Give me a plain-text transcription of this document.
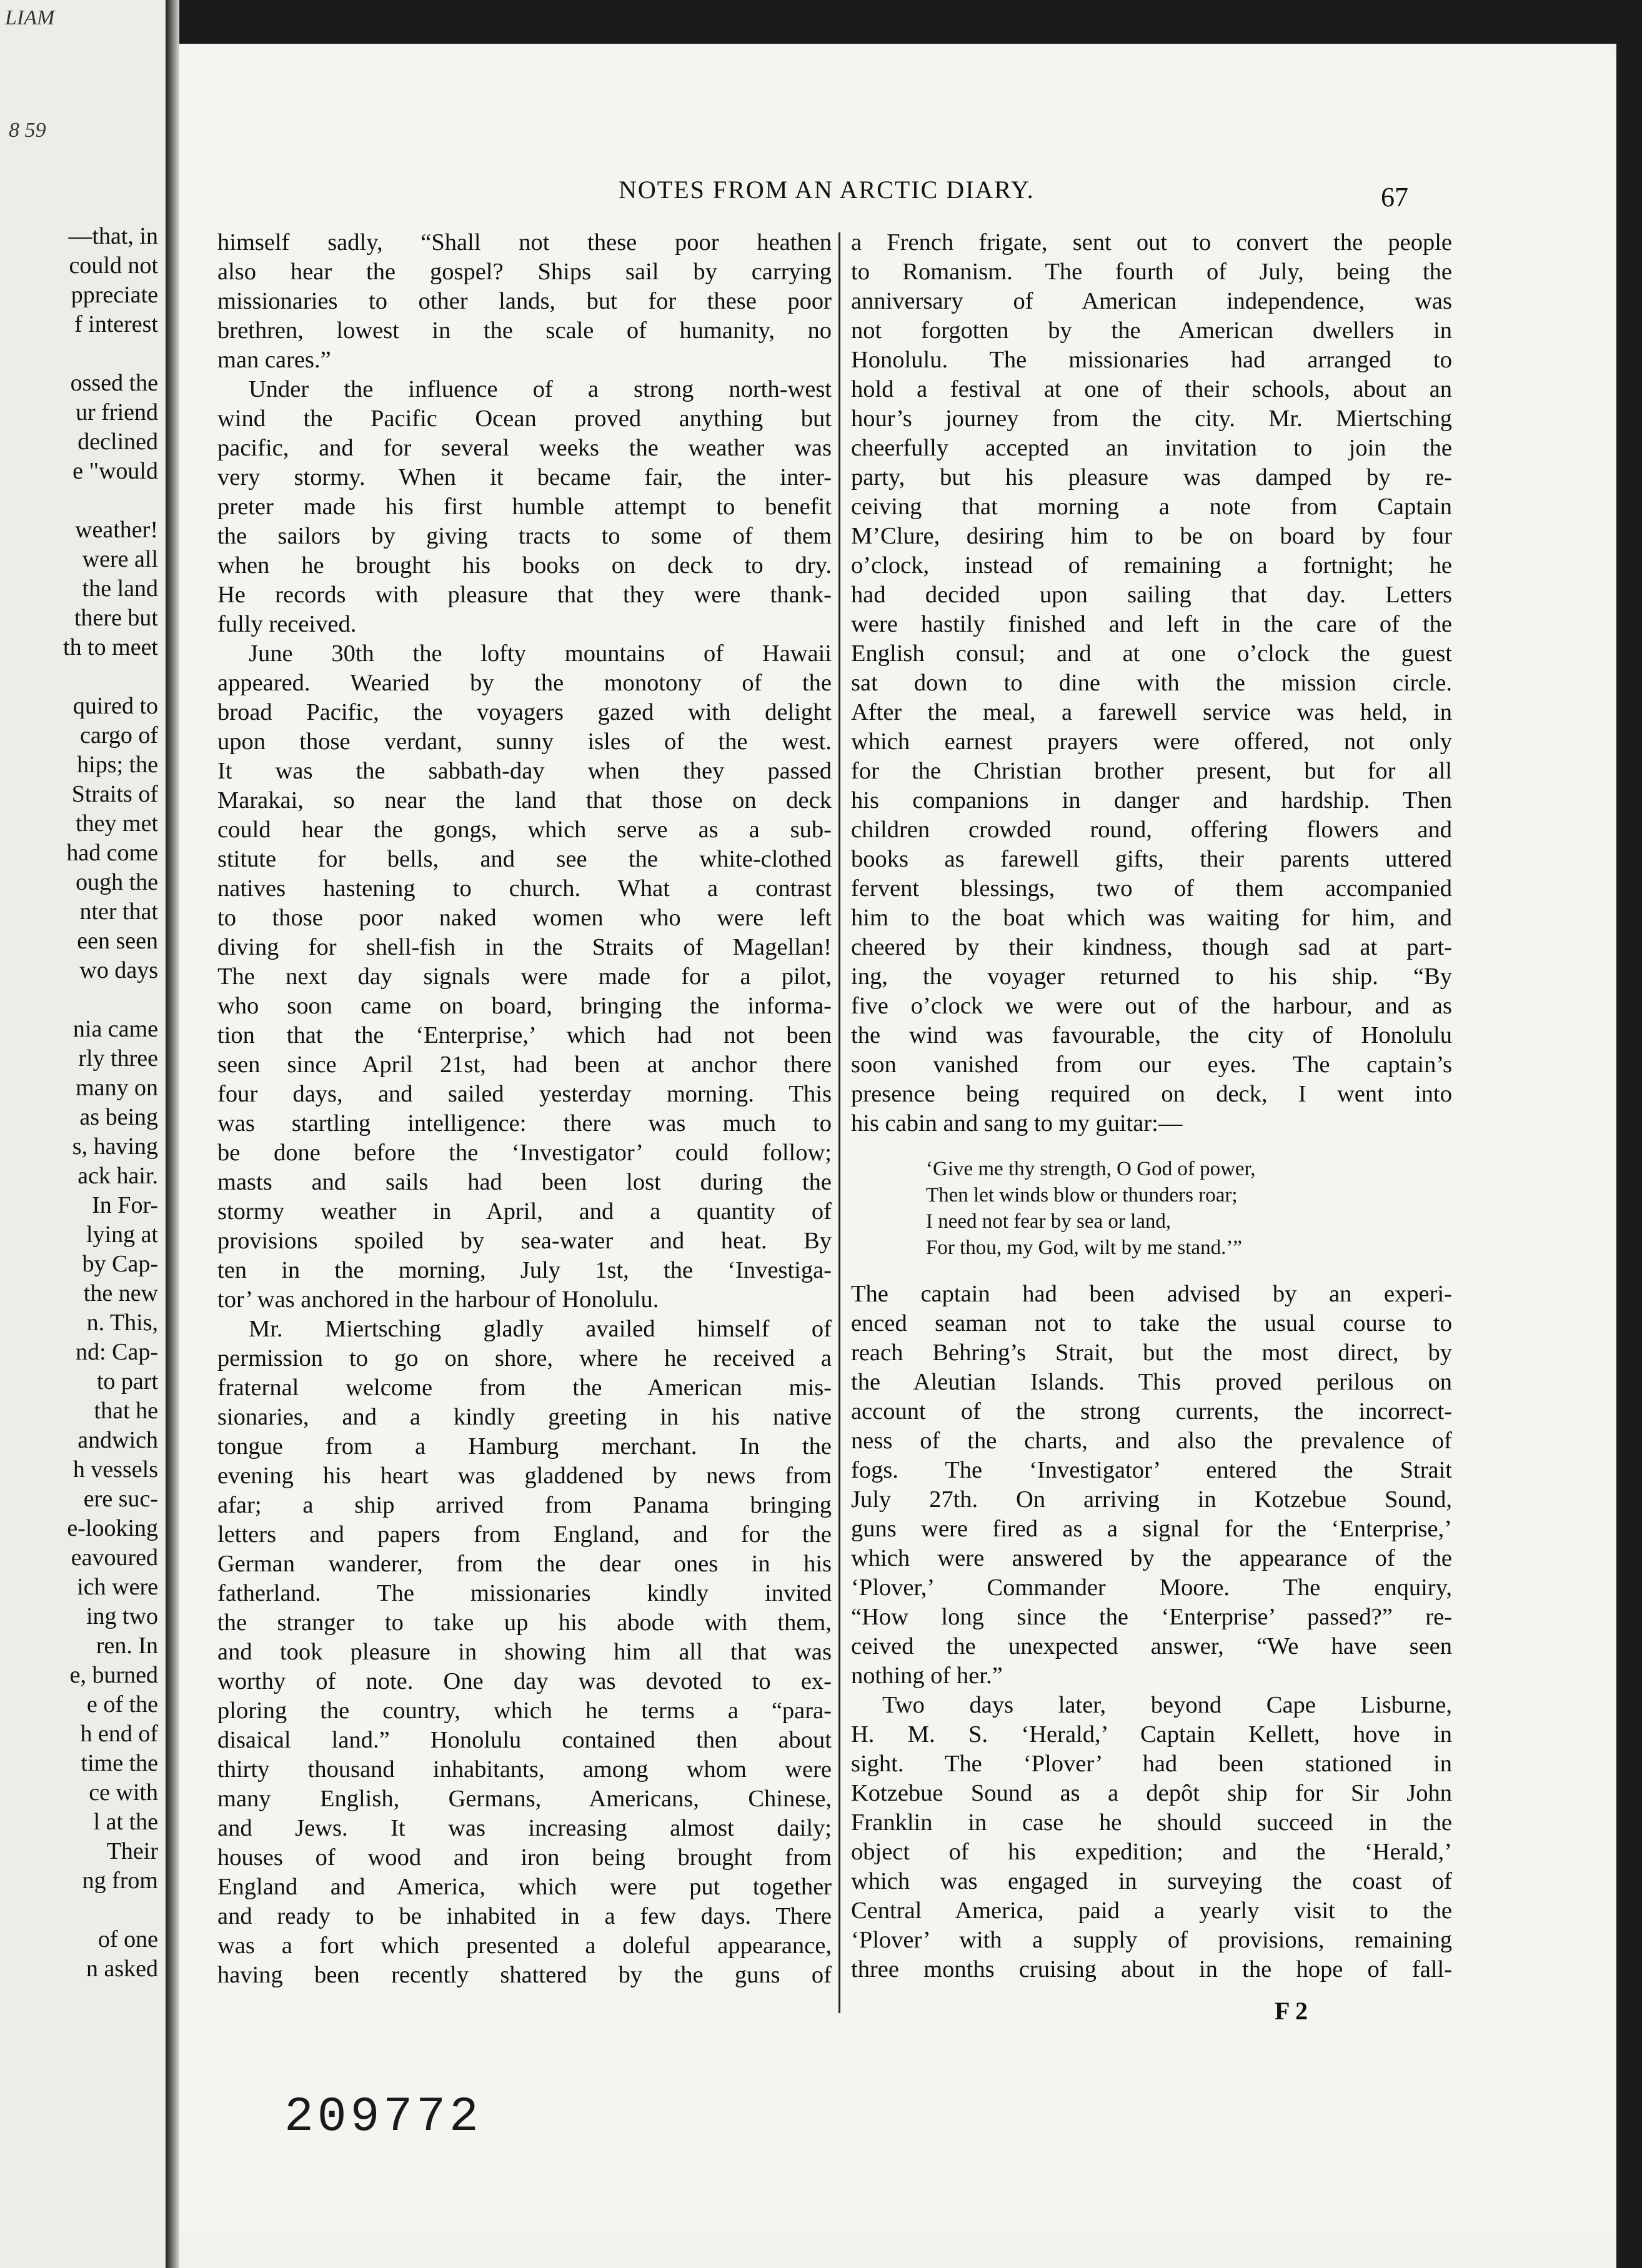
LIAM
8 59
—that, in
could not
ppreciate
f interest
ossed the
ur friend
declined
e "would
weather!
were all
the land
there but
th to meet
quired to
cargo of
hips; the
Straits of
they met
had come
ough the
nter that
een seen
wo days
nia came
rly three
many on
as being
s, having
ack hair.
In For-
lying at
by Cap-
the new
n. This,
nd: Cap-
to part
that he
andwich
h vessels
ere suc-
e-looking
eavoured
ich were
ing two
ren. In
e, burned
e of the
h end of
time the
ce with
l at the
Their
ng from
of one
n asked
NOTES FROM AN ARCTIC DIARY.	67
himself sadly, “Shall not these poor heathen
also hear the gospel? Ships sail by carrying
missionaries to other lands, but for these poor
brethren, lowest in the scale of humanity, no
man cares.”
Under the influence of a strong north-west
wind the Pacific Ocean proved anything but
pacific, and for several weeks the weather was
very stormy. When it became fair, the inter-
preter made his first humble attempt to benefit
the sailors by giving tracts to some of them
when he brought his books on deck to dry.
He records with pleasure that they were thank-
fully received.
June 30th the lofty mountains of Hawaii
appeared. Wearied by the monotony of the
broad Pacific, the voyagers gazed with delight
upon those verdant, sunny isles of the west.
It was the sabbath-day when they passed
Marakai, so near the land that those on deck
could hear the gongs, which serve as a sub-
stitute for bells, and see the white-clothed
natives hastening to church. What a contrast
to those poor naked women who were left
diving for shell-fish in the Straits of Magellan!
The next day signals were made for a pilot,
who soon came on board, bringing the informa-
tion that the ‘Enterprise,’ which had not been
seen since April 21st, had been at anchor there
four days, and sailed yesterday morning. This
was startling intelligence: there was much to
be done before the ‘Investigator’ could follow;
masts and sails had been lost during the
stormy weather in April, and a quantity of
provisions spoiled by sea-water and heat. By
ten in the morning, July 1st, the ‘Investiga-
tor’ was anchored in the harbour of Honolulu.
Mr. Miertsching gladly availed himself of
permission to go on shore, where he received a
fraternal welcome from the American mis-
sionaries, and a kindly greeting in his native
tongue from a Hamburg merchant. In the
evening his heart was gladdened by news from
afar; a ship arrived from Panama bringing
letters and papers from England, and for the
German wanderer, from the dear ones in his
fatherland. The missionaries kindly invited
the stranger to take up his abode with them,
and took pleasure in showing him all that was
worthy of note. One day was devoted to ex-
ploring the country, which he terms a “para-
disaical land.” Honolulu contained then about
thirty thousand inhabitants, among whom were
many English, Germans, Americans, Chinese,
and Jews. It was increasing almost daily;
houses of wood and iron being brought from
England and America, which were put together
and ready to be inhabited in a few days. There
was a fort which presented a doleful appearance,
having been recently shattered by the guns of
a French frigate, sent out to convert the people
to Romanism. The fourth of July, being the
anniversary of American independence, was
not forgotten by the American dwellers in
Honolulu. The missionaries had arranged to
hold a festival at one of their schools, about an
hour’s journey from the city. Mr. Miertsching
cheerfully accepted an invitation to join the
party, but his pleasure was damped by re-
ceiving that morning a note from Captain
M’Clure, desiring him to be on board by four
o’clock, instead of remaining a fortnight; he
had decided upon sailing that day. Letters
were hastily finished and left in the care of the
English consul; and at one o’clock the guest
sat down to dine with the mission circle.
After the meal, a farewell service was held, in
which earnest prayers were offered, not only
for the Christian brother present, but for all
his companions in danger and hardship. Then
children crowded round, offering flowers and
books as farewell gifts, their parents uttered
fervent blessings, two of them accompanied
him to the boat which was waiting for him, and
cheered by their kindness, though sad at part-
ing, the voyager returned to his ship. “By
five o’clock we were out of the harbour, and as
the wind was favourable, the city of Honolulu
soon vanished from our eyes. The captain’s
presence being required on deck, I went into
his cabin and sang to my guitar:—
‘Give me thy strength, O God of power,
Then let winds blow or thunders roar;
I need not fear by sea or land,
For thou, my God, wilt by me stand.’”
The captain had been advised by an experi-
enced seaman not to take the usual course to
reach Behring’s Strait, but the most direct, by
the Aleutian Islands. This proved perilous on
account of the strong currents, the incorrect-
ness of the charts, and also the prevalence of
fogs. The ‘Investigator’ entered the Strait
July 27th. On arriving in Kotzebue Sound,
guns were fired as a signal for the ‘Enterprise,’
which were answered by the appearance of the
‘Plover,’ Commander Moore. The enquiry,
“How long since the ‘Enterprise’ passed?” re-
ceived the unexpected answer, “We have seen
nothing of her.”
Two days later, beyond Cape Lisburne,
H. M. S. ‘Herald,’ Captain Kellett, hove in
sight. The ‘Plover’ had been stationed in
Kotzebue Sound as a depôt ship for Sir John
Franklin in case he should succeed in the
object of his expedition; and the ‘Herald,’
which was engaged in surveying the coast of
Central America, paid a yearly visit to the
‘Plover’ with a supply of provisions, remaining
three months cruising about in the hope of fall-
F 2
209772
